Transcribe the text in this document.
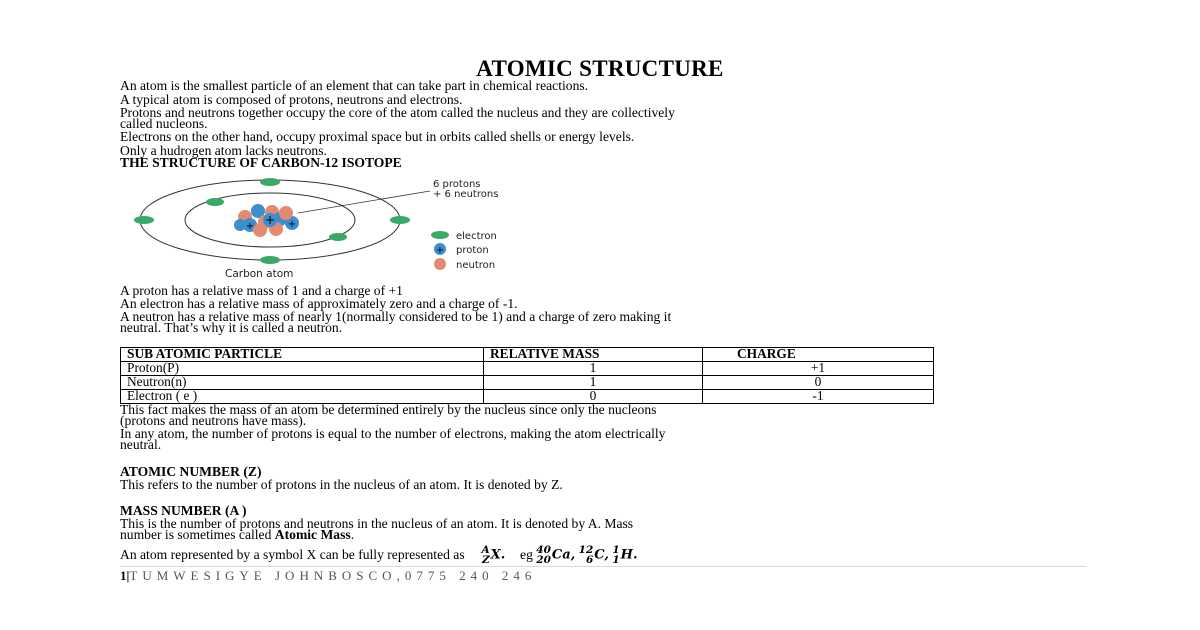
ATOMIC STRUCTURE
An atom is the smallest particle of an element that can take part in chemical reactions.
A typical atom is composed of protons, neutrons and electrons.
Protons and neutrons together occupy the core of the atom called the nucleus and they are collectively
called nucleons.
Electrons on the other hand, occupy proximal space but in orbits called shells or energy levels.
Only a hudrogen atom lacks neutrons.
THE STRUCTURE OF CARBON-12 ISOTOPE
+ +
+
6 protons
+ 6 neutrons
Carbon atom
electron
+ proton
neutron
A proton has a relative mass of 1 and a charge of +1
An electron has a relative mass of approximately zero and a charge of -1.
A neutron has a relative mass of nearly 1(normally considered to be 1) and a charge of zero making it
neutral. That’s why it is called a neutron.
SUB ATOMIC PARTICLE	RELATIVE MASS	CHARGE
Proton(P)	1	+1
Neutron(n)	1	0
Electron ( e )	0	-1
This fact makes the mass of an atom be determined entirely by the nucleus since only the nucleons
(protons and neutrons have mass).
In any atom, the number of protons is equal to the number of electrons, making the atom electrically
neutral.
ATOMIC NUMBER (Z)
This refers to the number of protons in the nucleus of an atom. It is denoted by Z.
MASS NUMBER (A )
This is the number of protons and neutrons in the nucleus of an atom. It is denoted by A. Mass
number is sometimes called Atomic Mass.
An atom represented by a symbol X can be fully represented as A
Z X. eg 40
20 Ca, 12
6 C, 1
1 H.
1|TUMWESIGYE JOHNBOSCO,0775 240 246
